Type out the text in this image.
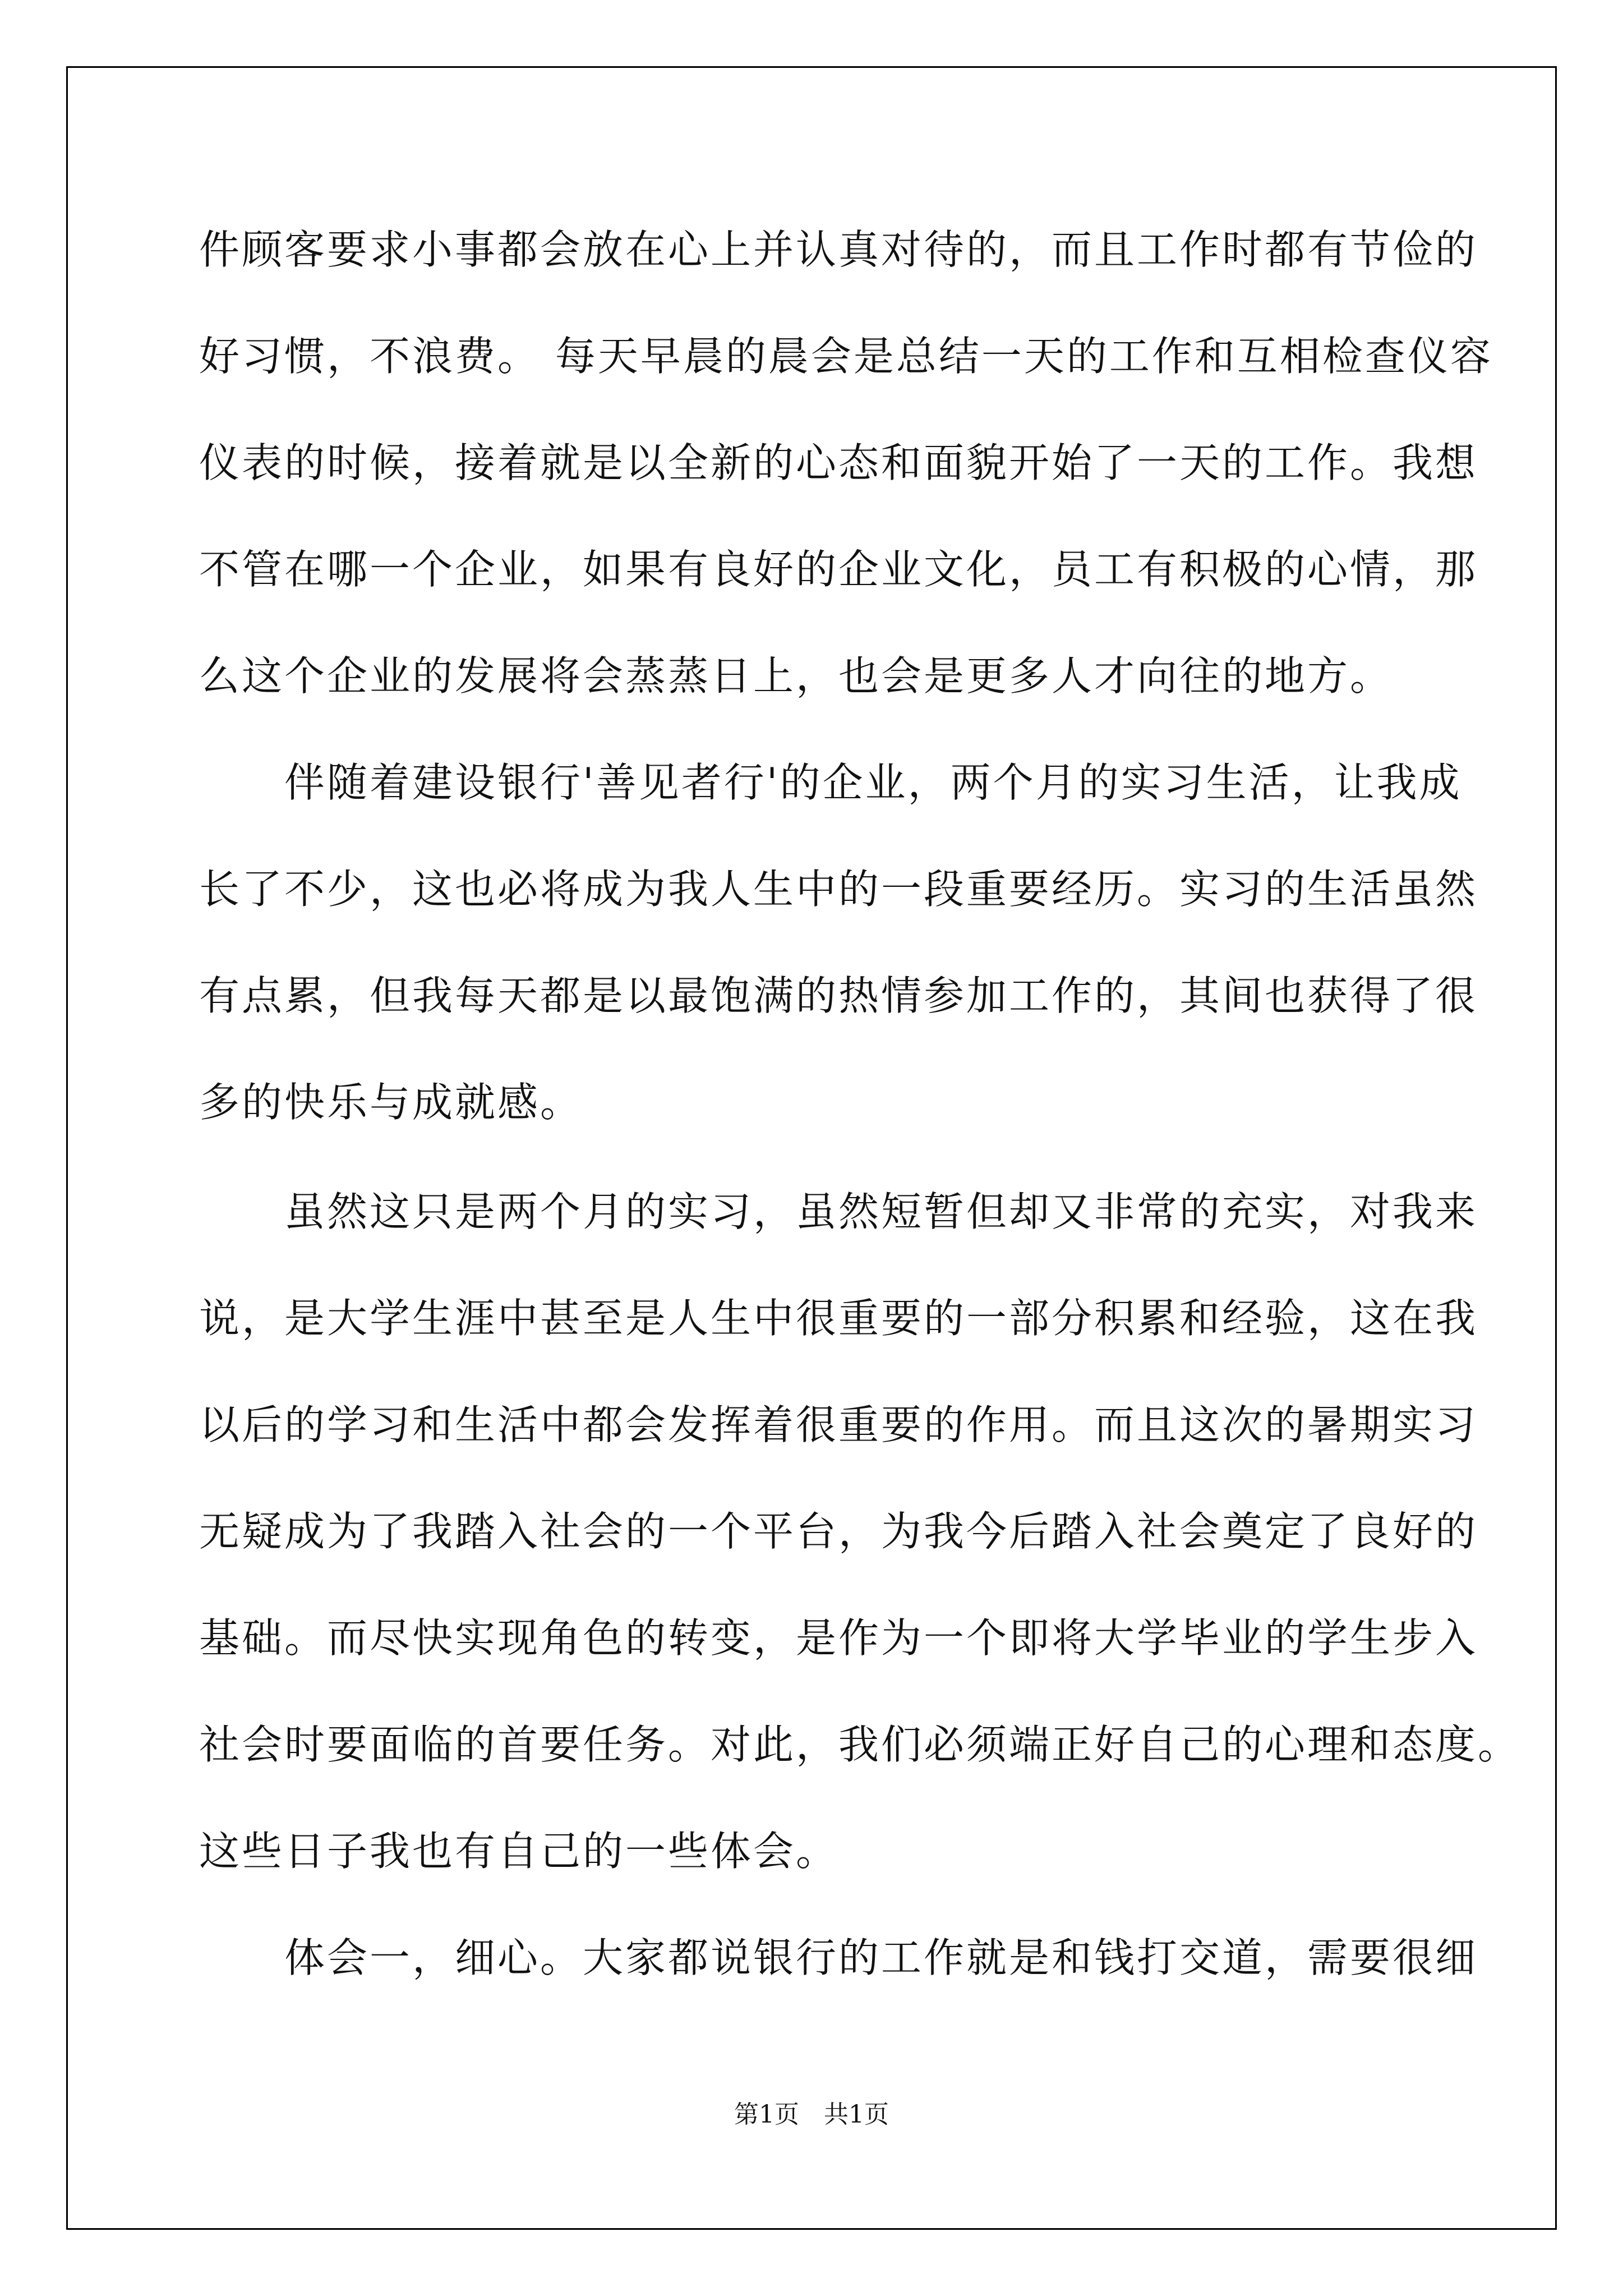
件顾客要求小事都会放在心上并认真对待的，而且工作时都有节俭的
好习惯，不浪费。 每天早晨的晨会是总结一天的工作和互相检查仪容
仪表的时候，接着就是以全新的心态和面貌开始了一天的工作。我想
不管在哪一个企业，如果有良好的企业文化，员工有积极的心情，那
么这个企业的发展将会蒸蒸日上，也会是更多人才向往的地方。
　　伴随着建设银行'善见者行'的企业，两个月的实习生活，让我成
长了不少，这也必将成为我人生中的一段重要经历。实习的生活虽然
有点累，但我每天都是以最饱满的热情参加工作的，其间也获得了很
多的快乐与成就感。
　　虽然这只是两个月的实习，虽然短暂但却又非常的充实，对我来
说，是大学生涯中甚至是人生中很重要的一部分积累和经验，这在我
以后的学习和生活中都会发挥着很重要的作用。而且这次的暑期实习
无疑成为了我踏入社会的一个平台，为我今后踏入社会奠定了良好的
基础。而尽快实现角色的转变，是作为一个即将大学毕业的学生步入
社会时要面临的首要任务。对此，我们必须端正好自己的心理和态度。
这些日子我也有自己的一些体会。
　　体会一，细心。大家都说银行的工作就是和钱打交道，需要很细
第1页　共1页
